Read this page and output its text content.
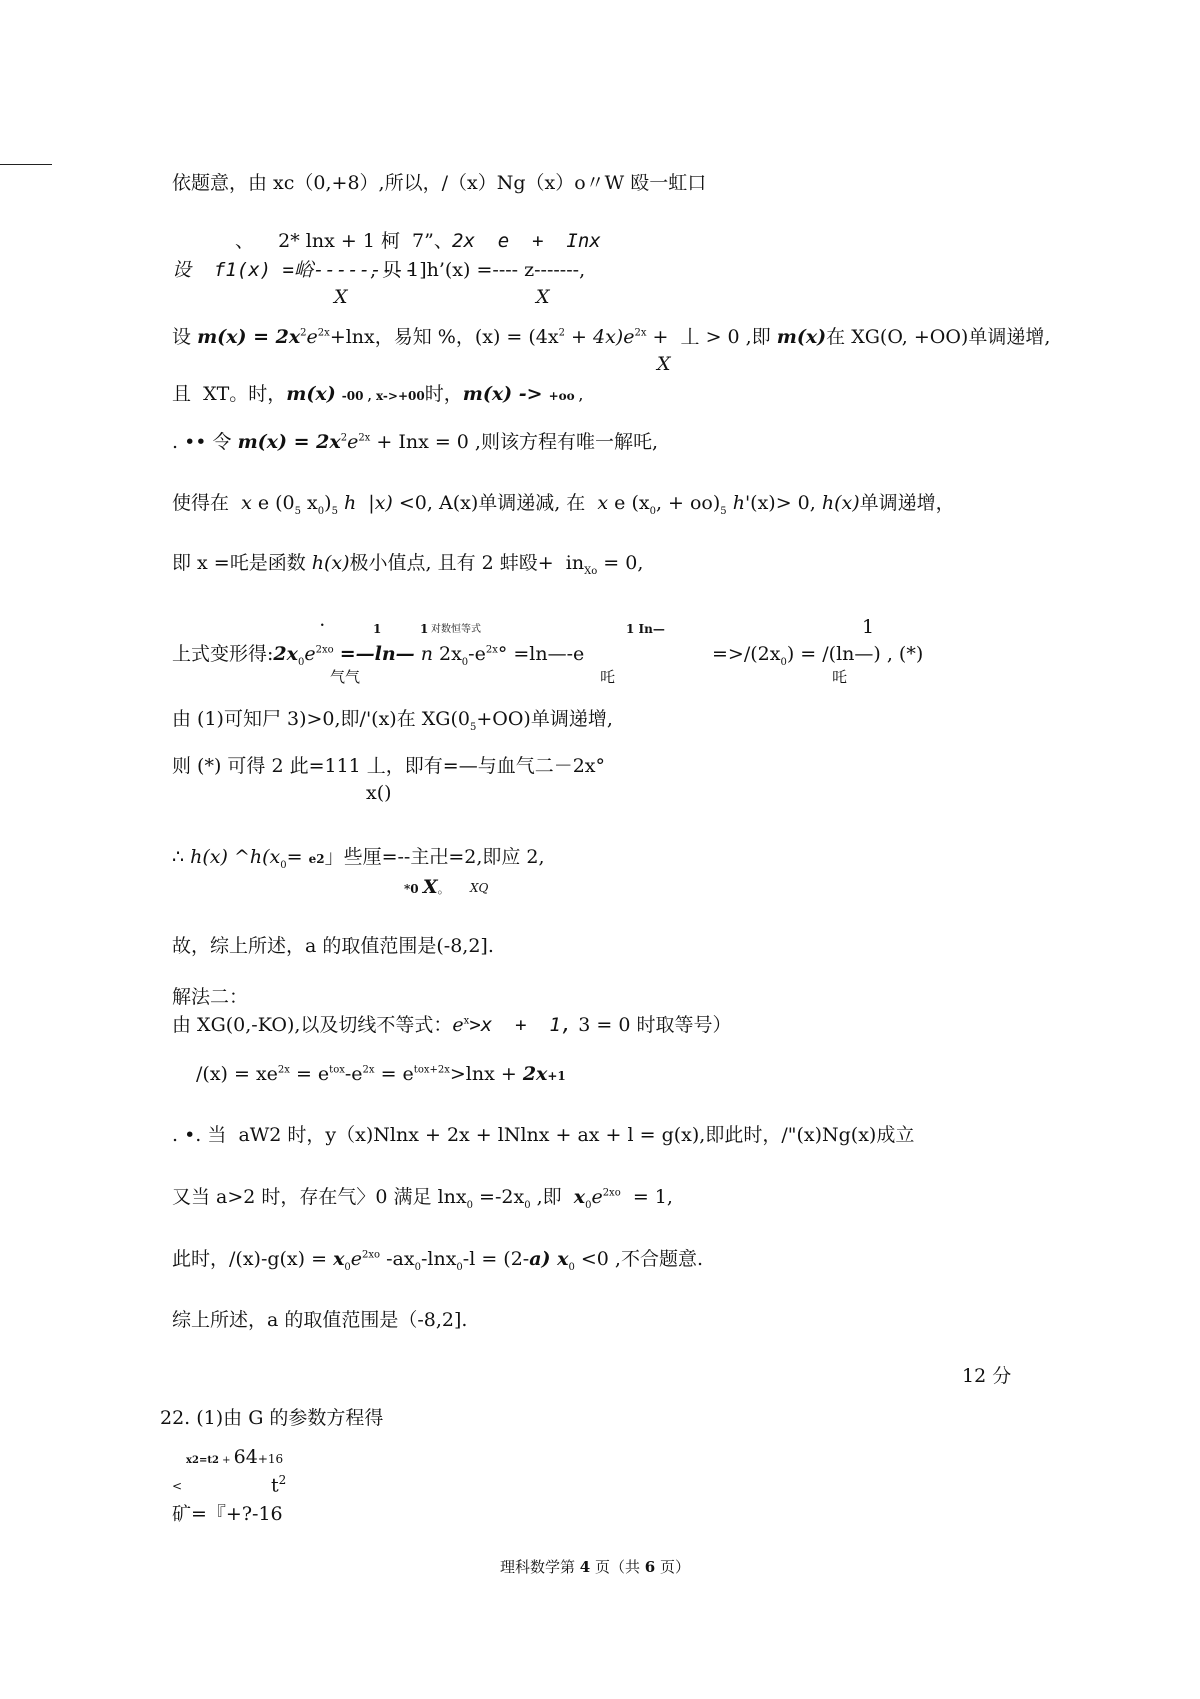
依题意，由 xc（0,+8）,所以，/（x）Ng（x）o〃W 殴一虹口
、    2* lnx + 1 柯  7”、 2x  e  +  Inx
设  f1(x) =峪---------
, 贝 1]h’(x) =---- z-------,
X	X
设 $m(x) = 2x^2e^{2x}+\ln x$，易知 %，$(x) = (4x^2 + 4x)e^{2x}$ +  丄 > 0 ,即 m(x)在 XG(O, +OO)单调递增,
X
且  XT。时，m(x) -00 , x->+00时，m(x) -> +oo ,
. •• 令 $m(x) = 2x^2e^{2x}$ + Inx = 0 ,则该方程有唯一解吒,
使得在  x e ($0_5$ $x_0)_5$ h  |x) <0, A(x)单调递减, 在  x e ($x_0$, + $oo)_5$ h'(x)> 0, h(x)单调递增，
即 x =吒是函数 h(x)极小值点, 且有 2 蚌殴+  $in_{Xo} = 0$,
.	1	1 对数恒等式	1 In—	1
上式变形得$:2x_0e^{2xo}$ =—ln— n $2x_0-e^{2x}^\circ$ =ln—-e	$=>/(2x_0)$ = /(ln—) , (*)
气气	吒	吒
由 (1)可知尸 3)>0,即/'(x)在 $XG(0_5+OO)$单调递增,
则 (*) 可得 2 此=111 丄，即有=—与血气二－2x°
x()
∴ h(x) $\^{}h(x_0= e2$」些厘=--主卍=2,即应 2,
*0 X。 XQ
故，综上所述，a 的取值范围是(-8,2].
解法二：
由 XG(0,-KO),以及切线不等式：$e^x>x + 1$, 3 = 0 时取等号）
$/(x) = xe^{2x} = e^{tox}-e^{2x} = e^{tox+2x}>\ln x + 2x+1$
. •. 当  aW2 时，y（x)Nlnx + 2x + lNlnx + ax + l = g(x),即此时，/"(x)Ng(x)成立
又当 a>2 时，存在气〉0 满足 $\ln x_0 =-2x_0$ ,即  $x_0e^{2xo} = 1$,
此时，$/(x)-g(x) = x_0e^{2xo}$ $-ax_0-\ln x_0-l = (2-a)$ $x_0 <0$ ,不合题意.
综上所述，a 的取值范围是（-8,2].
12 分
22. (1)由 G 的参数方程得
x2=t2 + 64+16
<	$t^2$
矿=『+?-16
理科数学第 4 页（共 6 页）
